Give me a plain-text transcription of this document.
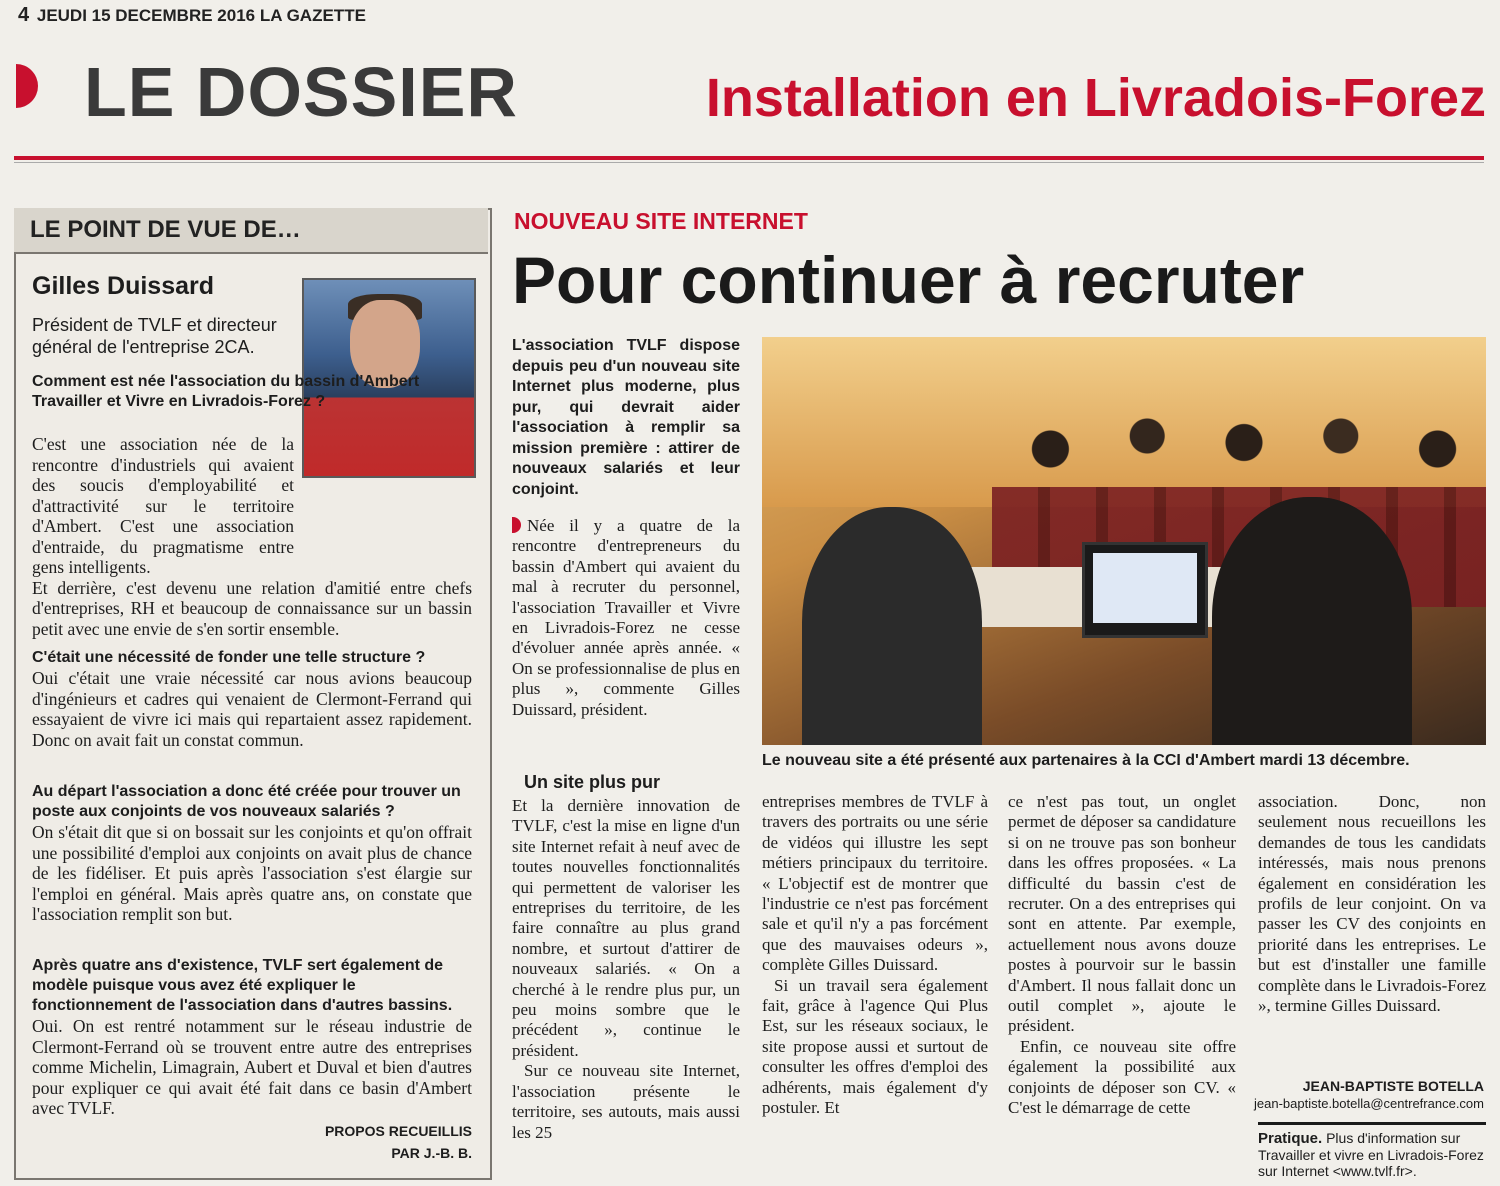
4 JEUDI 15 DECEMBRE 2016 LA GAZETTE
LE DOSSIER	Installation en Livradois-Forez
LE POINT DE VUE DE…
Gilles Duissard
Président de TVLF et directeur général de l'entreprise 2CA.
Comment est née l'association du bassin d'Ambert Travailler et Vivre en Livradois-Forez ?

C'est une association née de la rencontre d'industriels qui avaient des soucis d'employabilité et d'attractivité sur le territoire d'Ambert. C'est une association d'entraide, du pragmatisme entre gens intelligents.

Et derrière, c'est devenu une relation d'amitié entre chefs d'entreprises, RH et beaucoup de connaissance sur un bassin petit avec une envie de s'en sortir ensemble.

C'était une nécessité de fonder une telle structure ?

Oui c'était une vraie nécessité car nous avions beaucoup d'ingénieurs et cadres qui venaient de Clermont-Ferrand qui essayaient de vivre ici mais qui repartaient assez rapidement. Donc on avait fait un constat commun.

Au départ l'association a donc été créée pour trouver un poste aux conjoints de vos nouveaux salariés ?

On s'était dit que si on bossait sur les conjoints et qu'on offrait une possibilité d'emploi aux conjoints on avait plus de chance de les fidéliser. Et puis après l'association s'est élargie sur l'emploi en général. Mais après quatre ans, on constate que l'association remplit son but.

Après quatre ans d'existence, TVLF sert également de modèle puisque vous avez été expliquer le fonctionnement de l'association dans d'autres bassins.

Oui. On est rentré notamment sur le réseau industrie de Clermont-Ferrand où se trouvent entre autre des entreprises comme Michelin, Limagrain, Aubert et Duval et bien d'autres pour expliquer ce qui avait été fait dans ce basin d'Ambert avec TVLF.

PROPOS RECUEILLIS
PAR J.-B. B.
NOUVEAU SITE INTERNET
Pour continuer à recruter
L'association TVLF dispose depuis peu d'un nouveau site Internet plus moderne, plus pur, qui devrait aider l'association à remplir sa mission première : attirer de nouveaux salariés et leur conjoint.

Née il y a quatre de la rencontre d'entrepreneurs du bassin d'Ambert qui avaient du mal à recruter du personnel, l'association Travailler et Vivre en Livradois-Forez ne cesse d'évoluer année après année. « On se professionnalise de plus en plus », commente Gilles Duissard, président.

Un site plus pur

Et la dernière innovation de TVLF, c'est la mise en ligne d'un site Internet refait à neuf avec de toutes nouvelles fonctionnalités qui permettent de valoriser les entreprises du territoire, de les faire connaître au plus grand nombre, et surtout d'attirer de nouveaux salariés. « On a cherché à le rendre plus pur, un peu moins sombre que le précédent », continue le président.

Sur ce nouveau site Internet, l'association présente le territoire, ses autouts, mais aussi les 25

entreprises membres de TVLF à travers des portraits ou une série de vidéos qui illustre les sept métiers principaux du territoire. « L'objectif est de montrer que l'industrie ce n'est pas forcément sale et qu'il n'y a pas forcément que des mauvaises odeurs », complète Gilles Duissard.

Si un travail sera également fait, grâce à l'agence Qui Plus Est, sur les réseaux sociaux, le site propose aussi et surtout de consulter les offres d'emploi des adhérents, mais également d'y postuler. Et

ce n'est pas tout, un onglet permet de déposer sa candidature si on ne trouve pas son bonheur dans les offres proposées. « La difficulté du bassin c'est de recruter. On a des entreprises qui sont en attente. Par exemple, actuellement nous avons douze postes à pourvoir sur le bassin d'Ambert. Il nous fallait donc un outil complet », ajoute le président.

Enfin, ce nouveau site offre également la possibilité aux conjoints de déposer son CV. « C'est le démarrage de cette

association. Donc, non seulement nous recueillons les demandes de tous les candidats intéressés, mais nous prenons également en considération les profils de leur conjoint. On va passer les CV des conjoints en priorité dans les entreprises. Le but est d'installer une famille complète dans le Livradois-Forez », termine Gilles Duissard.

Le nouveau site a été présenté aux partenaires à la CCI d'Ambert mardi 13 décembre.
JEAN-BAPTISTE BOTELLA
jean-baptiste.botella@centrefrance.com
Pratique. Plus d'information sur Travailler et vivre en Livradois-Forez sur Internet <www.tvlf.fr>.
